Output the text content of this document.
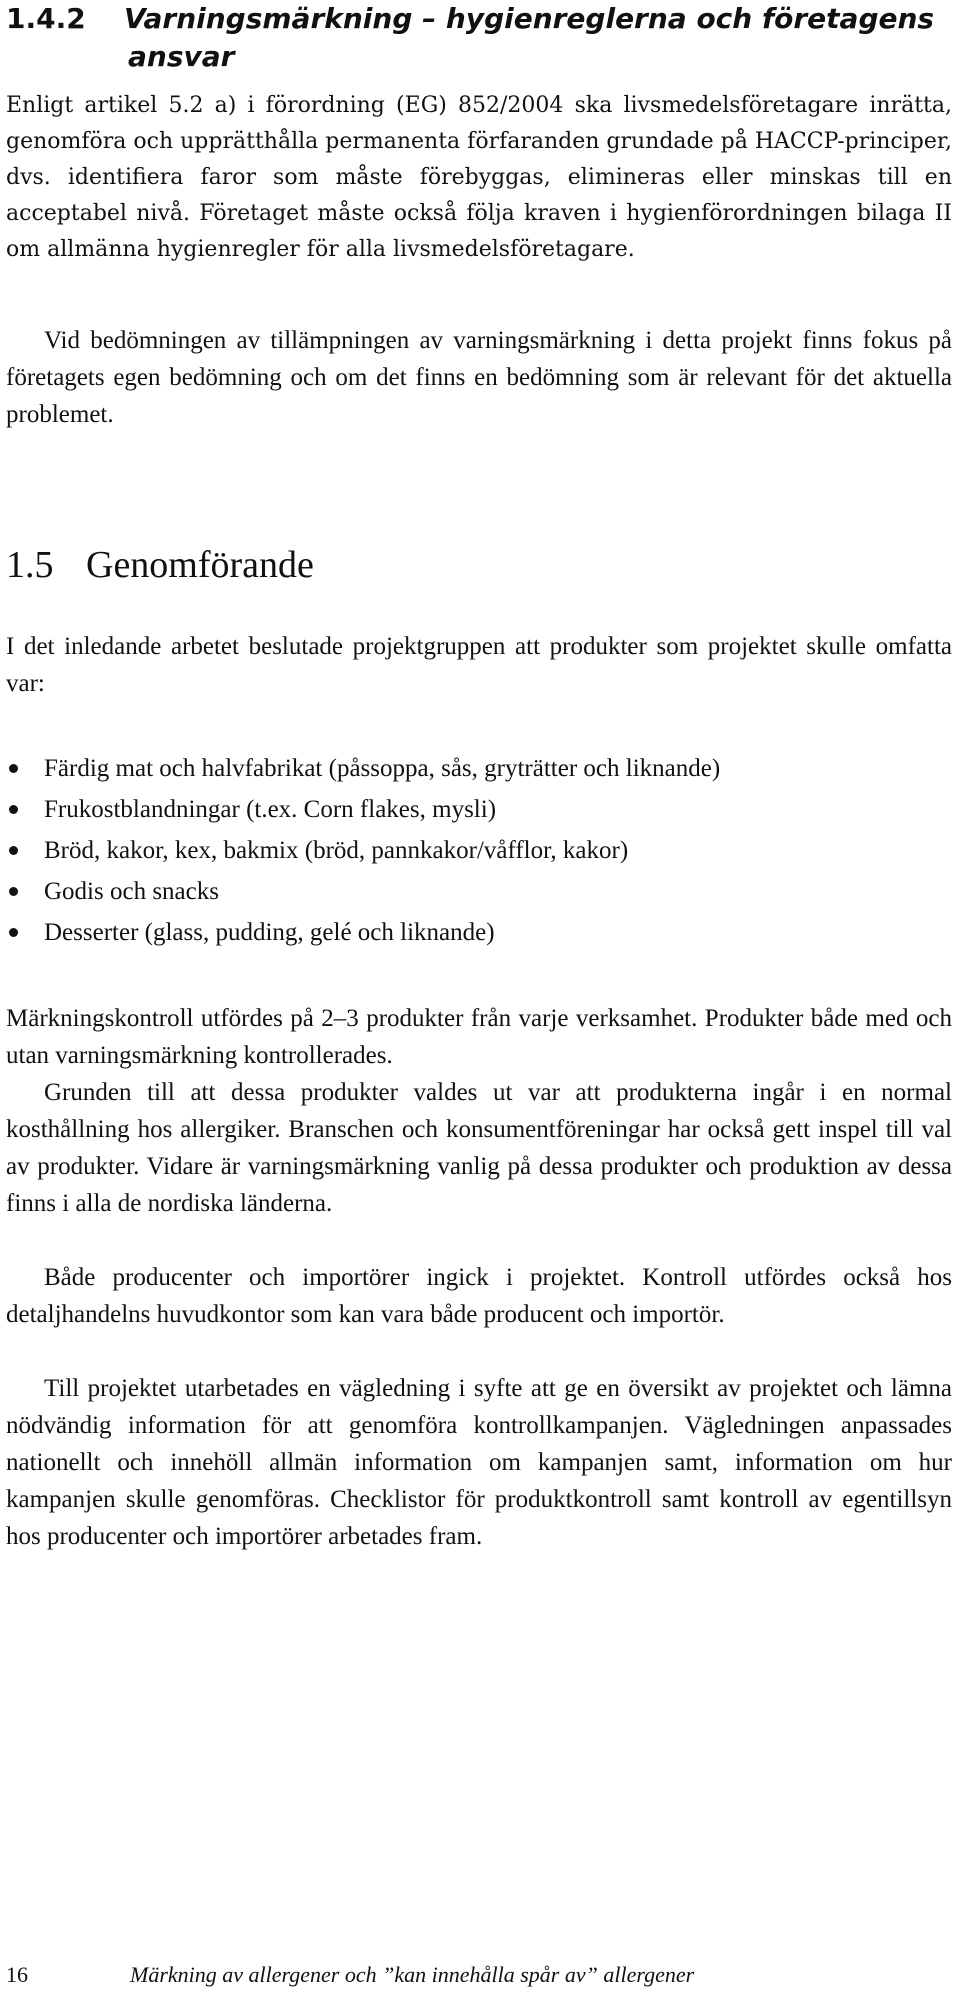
1.4.2 Varningsmärkning – hygienreglerna och företagens
ansvar

Enligt artikel 5.2 a) i förordning (EG) 852/2004 ska livsmedelsföretagare inrätta, genomföra och upprätthålla permanenta förfaranden grundade på HACCP-principer, dvs. identifiera faror som måste förebyggas, elimineras eller minskas till en acceptabel nivå. Företaget måste också följa kraven i hygienförordningen bilaga II om allmänna hygienregler för alla livsmedelsföretagare.

Vid bedömningen av tillämpningen av varningsmärkning i detta projekt finns fokus på företagets egen bedömning och om det finns en bedömning som är relevant för det aktuella problemet.

1.5 Genomförande

I det inledande arbetet beslutade projektgruppen att produkter som projektet skulle omfatta var:

Färdig mat och halvfabrikat (påssoppa, sås, gryträtter och liknande)
Frukostblandningar (t.ex. Corn flakes, mysli)
Bröd, kakor, kex, bakmix (bröd, pannkakor/våfflor, kakor)
Godis och snacks
Desserter (glass, pudding, gelé och liknande)

Märkningskontroll utfördes på 2–3 produkter från varje verksamhet. Produkter både med och utan varningsmärkning kontrollerades.

Grunden till att dessa produkter valdes ut var att produkterna ingår i en normal kosthållning hos allergiker. Branschen och konsumentföreningar har också gett inspel till val av produkter. Vidare är varningsmärkning vanlig på dessa produkter och produktion av dessa finns i alla de nordiska länderna.

Både producenter och importörer ingick i projektet. Kontroll utfördes också hos detaljhandelns huvudkontor som kan vara både producent och importör.

Till projektet utarbetades en vägledning i syfte att ge en översikt av projektet och lämna nödvändig information för att genomföra kontrollkampanjen. Vägledningen anpassades nationellt och innehöll allmän information om kampanjen samt, information om hur kampanjen skulle genomföras. Checklistor för produktkontroll samt kontroll av egentillsyn hos producenter och importörer arbetades fram.

16	Märkning av allergener och ”kan innehålla spår av” allergener
